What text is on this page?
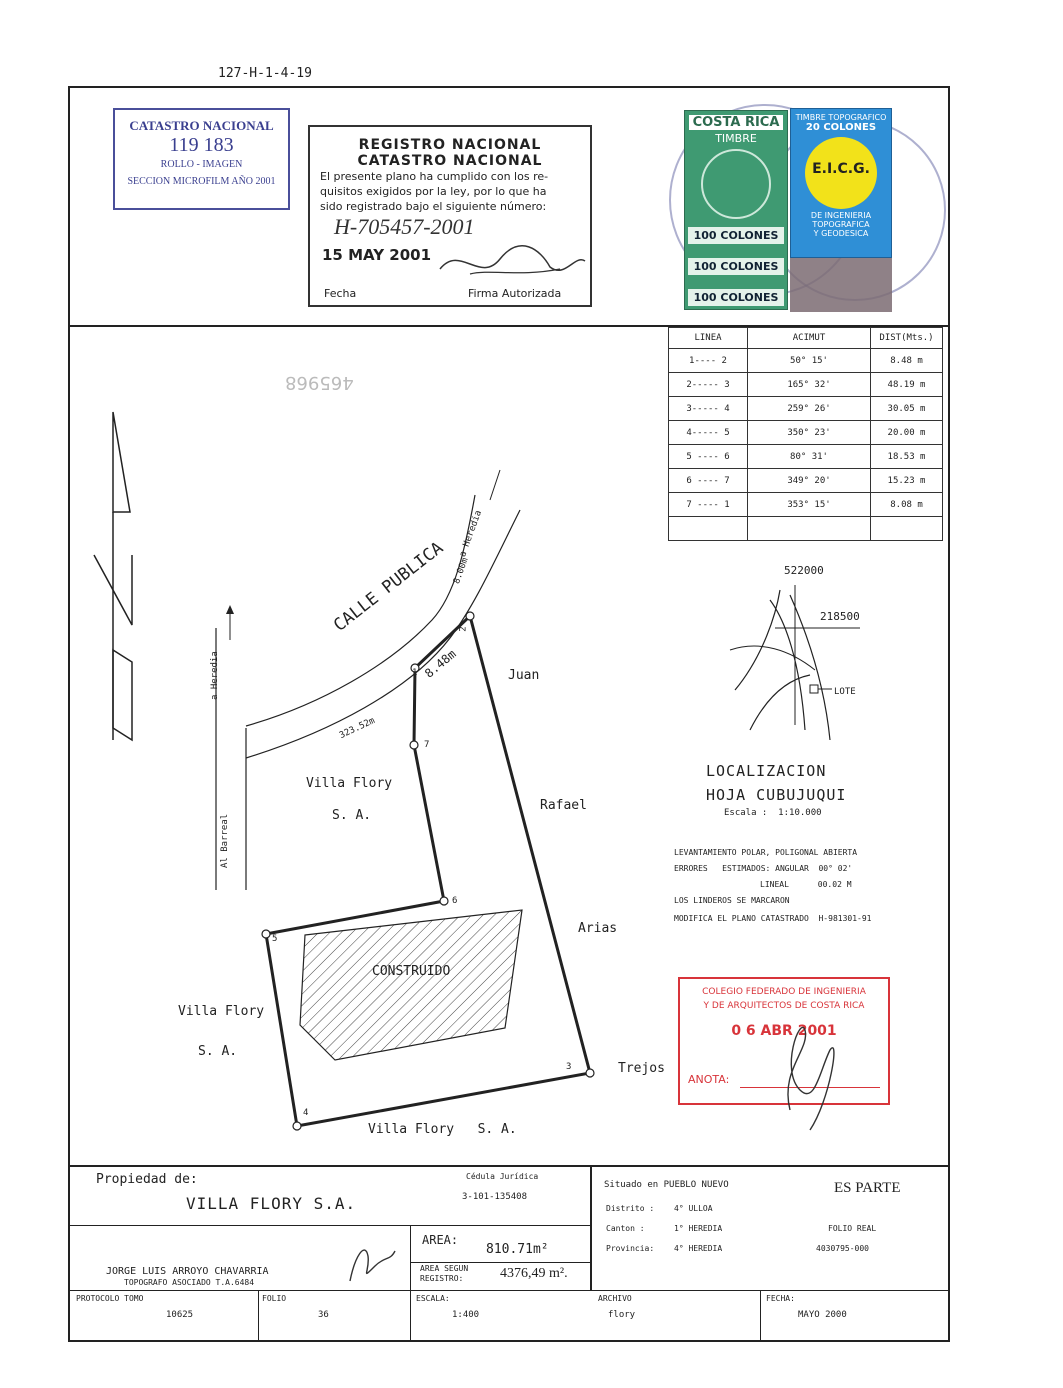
127-H-1-4-19
CATASTRO NACIONAL
119 183
ROLLO - IMAGEN
SECCION MICROFILM AÑO 2001
REGISTRO NACIONAL
CATASTRO NACIONAL
El presente plano ha cumplido con los re-
quisitos exigidos por la ley, por lo que ha
sido registrado bajo el siguiente número:
H-705457-2001
15 MAY 2001
Fecha	Firma Autorizada
COSTA RICA
TIMBRE
100 COLONES
100 COLONES
100 COLONES
TIMBRE TOPOGRAFICO
20 COLONES
E.I.C.G.
DE INGENIERIA
TOPOGRAFICA
Y GEODESICA
465968
LINEA	ACIMUT	DIST(Mts.)
1---- 2	50° 15'	8.48 m
2----- 3	165° 32'	48.19 m
3----- 4	259° 26'	30.05 m
4----- 5	350° 23'	20.00 m
5 ---- 6	80° 31'	18.53 m
6 ---- 7	349° 20'	15.23 m
7 ---- 1	353° 15'	8.08 m

CALLE PUBLICA 8.00m
a Heredia
8.48m
323.52m
a Heredia
Al Barreal
Juan
Rafael
Arias
Trejos
Villa Flory
S. A.
Villa Flory
S. A.
Villa Flory   S. A.
CONSTRUIDO
1
2
3
4
5
6
7
522000
218500
LOTE
LOCALIZACION
HOJA CUBUJUQUI
Escala :  1:10.000
LEVANTAMIENTO POLAR, POLIGONAL ABIERTA
ERRORES   ESTIMADOS: ANGULAR  00° 02'
LINEAL      00.02 M
LOS LINDEROS SE MARCARON
MODIFICA EL PLANO CATASTRADO  H-981301-91
COLEGIO FEDERADO DE INGENIERIA
Y DE ARQUITECTOS DE COSTA RICA
0 6 ABR 2001
ANOTA:
Propiedad de:
VILLA FLORY S.A.
Cédula Jurídica
3-101-135408
Situado en PUEBLO NUEVO	ES PARTE
Distrito : 4° ULLOA
Canton :	1° HEREDIA
Provincia: 4° HEREDIA
FOLIO REAL
4030795-000
AREA:
810.71m²
AREA SEGUN
REGISTRO:	4376,49 m².
JORGE LUIS ARROYO CHAVARRIA
TOPOGRAFO ASOCIADO T.A.6484
PROTOCOLO TOMO
10625
FOLIO
36
ESCALA:
1:400
ARCHIVO
flory
FECHA:
MAYO 2000
